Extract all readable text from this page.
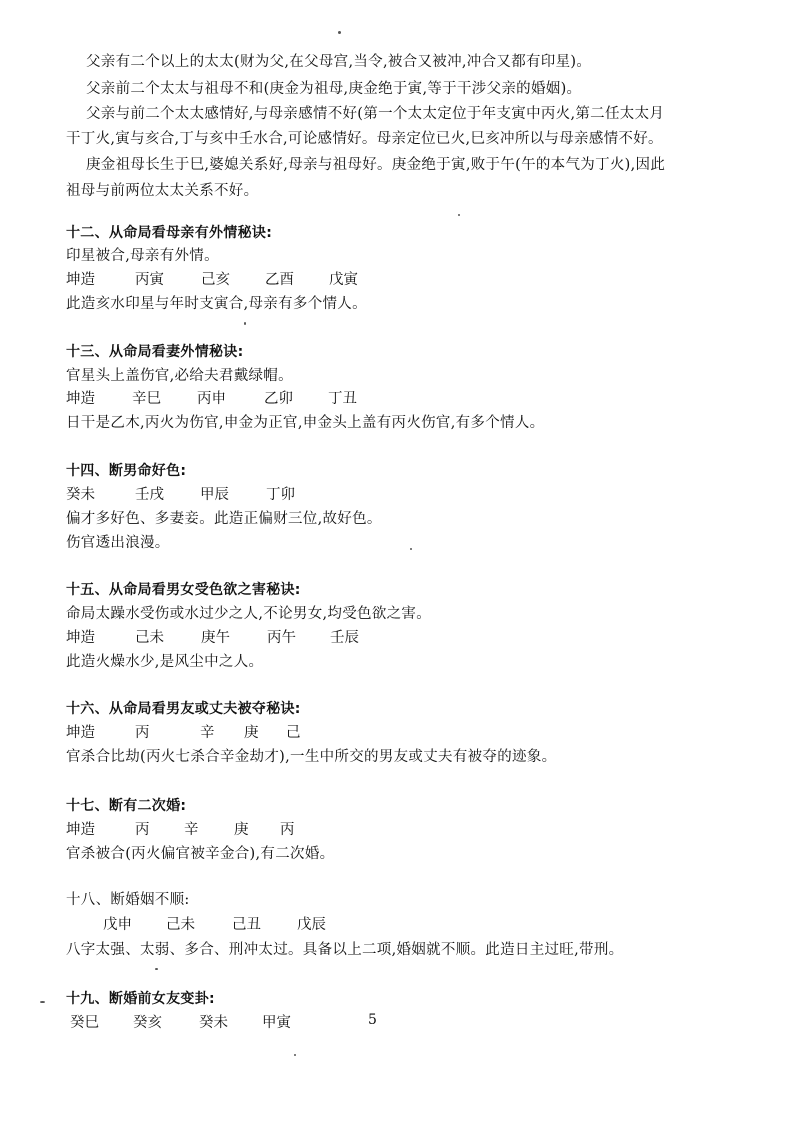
父亲有二个以上的太太(财为父,在父母宫,当令,被合又被冲,冲合又都有印星)。
父亲前二个太太与祖母不和(庚金为祖母,庚金绝于寅,等于干涉父亲的婚姻)。
父亲与前二个太太感情好,与母亲感情不好(第一个太太定位于年支寅中丙火,第二任太太月
干丁火,寅与亥合,丁与亥中壬水合,可论感情好。母亲定位已火,巳亥冲所以与母亲感情不好。
庚金祖母长生于巳,婆媳关系好,母亲与祖母好。庚金绝于寅,败于午(午的本气为丁火),因此
祖母与前两位太太关系不好。
十二、从命局看母亲有外情秘诀:
印星被合,母亲有外情。
坤造	丙寅	己亥 乙酉 戊寅
此造亥水印星与年时支寅合,母亲有多个情人。
十三、从命局看妻外情秘诀:
官星头上盖伤官,必给夫君戴绿帽。
坤造	辛巳 丙申	乙卯 丁丑
日干是乙木,丙火为伤官,申金为正官,申金头上盖有丙火伤官,有多个情人。
十四、断男命好色:
癸未	壬戌 甲辰	丁卯
偏才多好色、多妻妾。此造正偏财三位,故好色。
伤官透出浪漫。
十五、从命局看男女受色欲之害秘诀:
命局太躁水受伤或水过少之人,不论男女,均受色欲之害。
坤造	己未	庚午	丙午 壬辰
此造火燥水少,是风尘中之人。
十六、从命局看男友或丈夫被夺秘诀:
坤造	丙	辛 庚 己
官杀合比劫(丙火七杀合辛金劫才),一生中所交的男友或丈夫有被夺的迹象。
十七、断有二次婚:
坤造	丙 辛 庚 丙
官杀被合(丙火偏官被辛金合),有二次婚。
十八、断婚姻不顺:
戊申 己未	己丑 戊辰
八字太强、太弱、多合、刑冲太过。具备以上二项,婚姻就不顺。此造日主过旺,带刑。
十九、断婚前女友变卦:
癸巳 癸亥	癸未 甲寅	5
